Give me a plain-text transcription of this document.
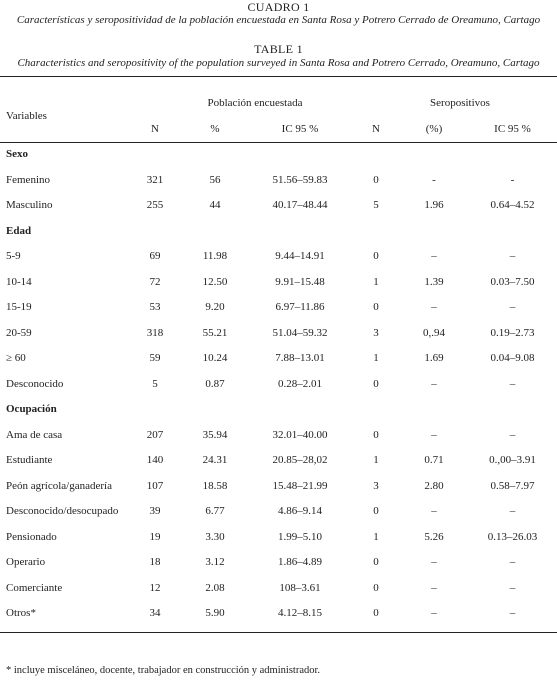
CUADRO 1
Características y seropositividad de la población encuestada en Santa Rosa y Potrero Cerrado de Oreamuno, Cartago
TABLE 1
Characteristics and seropositivity of the population surveyed in Santa Rosa and Potrero Cerrado, Oreamuno, Cartago
Variables
Población encuestada	Seropositivos
N	%	IC 95 %	N	(%)	IC 95 %
Sexo
Femenino	321	56	51.56–59.83	0	-	-
Masculino	255	44	40.17–48.44	5	1.96	0.64–4.52
Edad
5-9	69	11.98	9.44–14.91	0	–	–
10-14	72	12.50	9.91–15.48	1	1.39	0.03–7.50
15-19	53	9.20	6.97–11.86	0	–	–
20-59	318	55.21	51.04–59.32	3	0,.94	0.19–2.73
≥ 60	59	10.24	7.88–13.01	1	1.69	0.04–9.08
Desconocido	5	0.87	0.28–2.01	0	–	–
Ocupación
Ama de casa	207	35.94	32.01–40.00	0	–	–
Estudiante	140	24.31	20.85–28,02	1	0.71	0.,00–3.91
Peón agrícola/ganadería	107	18.58	15.48–21.99	3	2.80	0.58–7.97
Desconocido/desocupado	39	6.77	4.86–9.14	0	–	–
Pensionado	19	3.30	1.99–5.10	1	5.26	0.13–26.03
Operario	18	3.12	1.86–4.89	0	–	–
Comerciante	12	2.08	108–3.61	0	–	–
Otros*	34	5.90	4.12–8.15	0	–	–
* incluye misceláneo, docente, trabajador en construcción y administrador.
